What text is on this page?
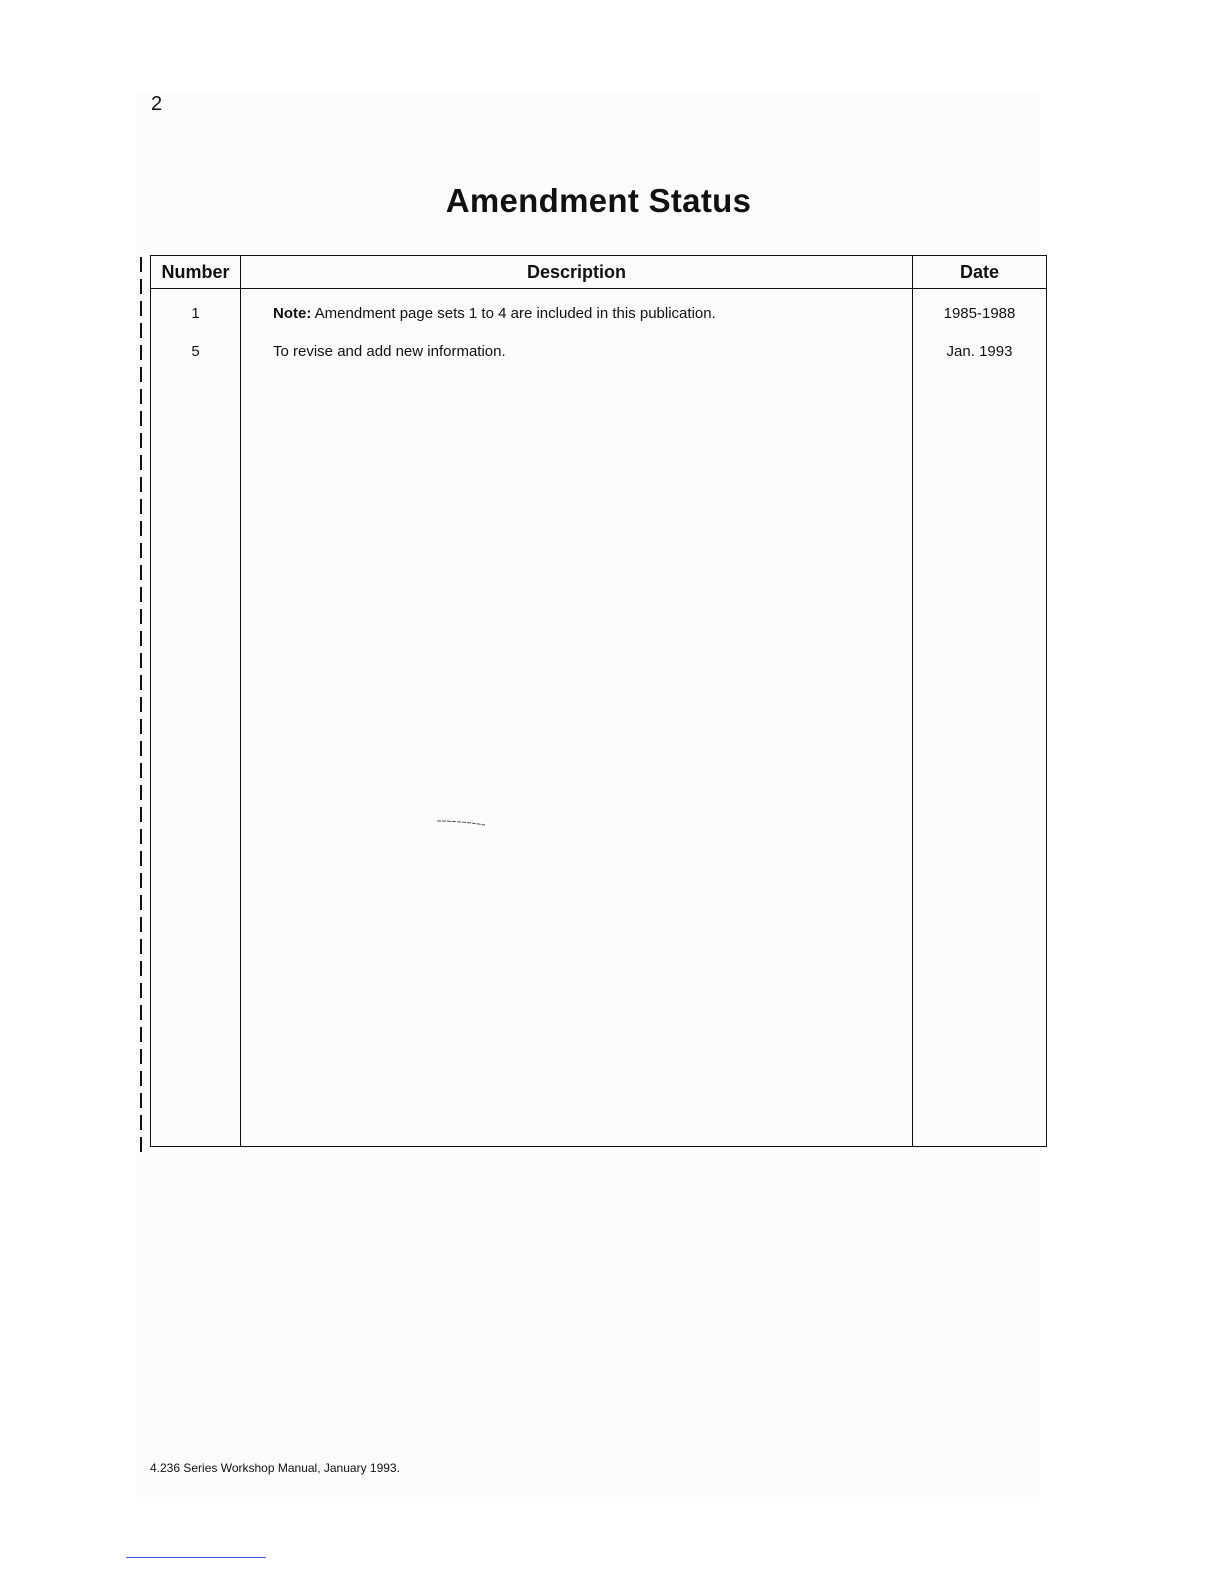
2
Amendment Status
Number	Description	Date
1	Note: Amendment page sets 1 to 4 are included in this publication.	1985-1988
5	To revise and add new information.	Jan. 1993

4.236 Series Workshop Manual, January 1993.
